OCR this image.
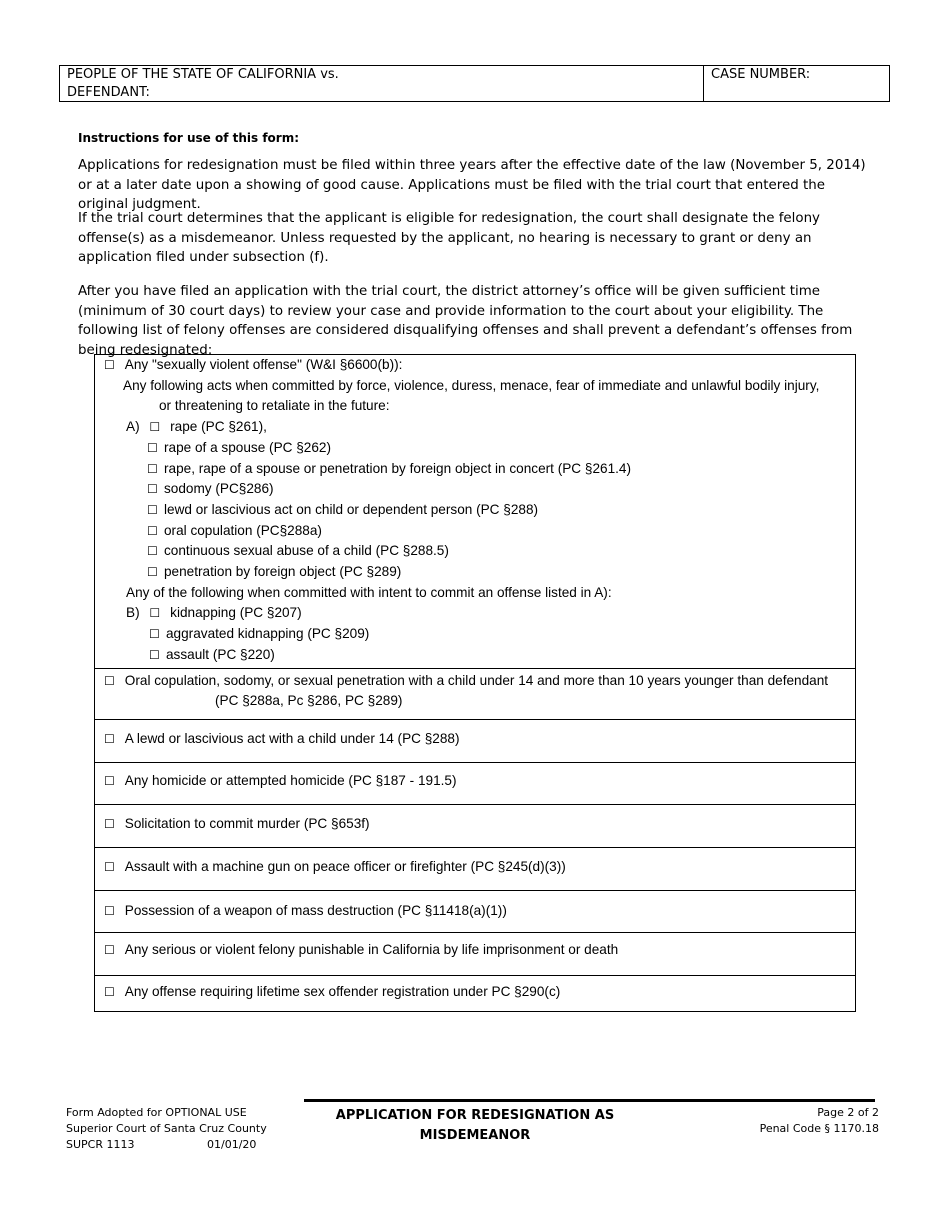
PEOPLE OF THE STATE OF CALIFORNIA vs.
DEFENDANT:
CASE NUMBER:
Instructions for use of this form:
Applications for redesignation must be filed within three years after the effective date of the law (November 5, 2014) or at a later date upon a showing of good cause. Applications must be filed with the trial court that entered the original judgment.
If the trial court determines that the applicant is eligible for redesignation, the court shall designate the felony offense(s) as a misdemeanor. Unless requested by the applicant, no hearing is necessary to grant or deny an application filed under subsection (f).
After you have filed an application with the trial court, the district attorney’s office will be given sufficient time (minimum of 30 court days) to review your case and provide information to the court about your eligibility. The following list of felony offenses are considered disqualifying offenses and shall prevent a defendant’s offenses from being redesignated:
☐ Any "sexually violent offense" (W&I §6600(b)):
Any following acts when committed by force, violence, duress, menace, fear of immediate and unlawful bodily injury,
or threatening to retaliate in the future:
A) ☐ rape (PC §261),
☐ rape of a spouse (PC §262)
☐ rape, rape of a spouse or penetration by foreign object in concert (PC §261.4)
☐ sodomy (PC§286)
☐ lewd or lascivious act on child or dependent person (PC §288)
☐ oral copulation (PC§288a)
☐ continuous sexual abuse of a child (PC §288.5)
☐ penetration by foreign object (PC §289)
Any of the following when committed with intent to commit an offense listed in A):
B) ☐ kidnapping (PC §207)
☐ aggravated kidnapping (PC §209)
☐ assault (PC §220)
☐ Oral copulation, sodomy, or sexual penetration with a child under 14 and more than 10 years younger than defendant
(PC §288a, Pc §286, PC §289)
☐ A lewd or lascivious act with a child under 14 (PC §288)
☐ Any homicide or attempted homicide (PC §187 - 191.5)
☐ Solicitation to commit murder (PC §653f)
☐ Assault with a machine gun on peace officer or firefighter (PC §245(d)(3))
☐ Possession of a weapon of mass destruction (PC §11418(a)(1))
☐ Any serious or violent felony punishable in California by life imprisonment or death
☐ Any offense requiring lifetime sex offender registration under PC §290(c)
Form Adopted for OPTIONAL USE
Superior Court of Santa Cruz County
SUPCR 1113	01/01/20
APPLICATION FOR REDESIGNATION AS
MISDEMEANOR
Page 2 of 2
Penal Code § 1170.18
